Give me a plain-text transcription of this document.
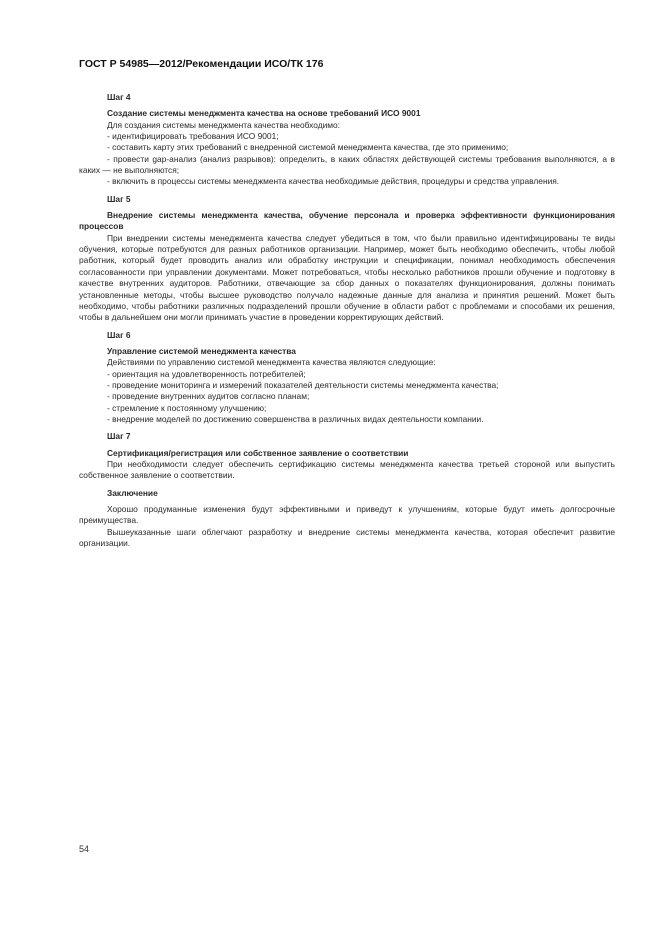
ГОСТ Р 54985—2012/Рекомендации ИСО/ТК 176
Шаг 4
Создание системы менеджмента качества на основе требований ИСО 9001

Для создания системы менеджмента качества необходимо:

- идентифицировать требования ИСО 9001;

- составить карту этих требований с внедренной системой менеджмента качества, где это применимо;

- провести gap-анализ (анализ разрывов): определить, в каких областях действующей системы требования выполняются, а в каких — не выполняются;

- включить в процессы системы менеджмента качества необходимые действия, процедуры и средства управления.

Шаг 5
Внедрение системы менеджмента качества, обучение персонала и проверка эффективности функционирования процессов

При внедрении системы менеджмента качества следует убедиться в том, что были правильно идентифицированы те виды обучения, которые потребуются для разных работников организации. Например, может быть необходимо обеспечить, чтобы любой работник, который будет проводить анализ или обработку инструкции и спецификации, понимал необходимость обеспечения согласованности при управлении документами. Может потребоваться, чтобы несколько работников прошли обучение и подготовку в качестве внутренних аудиторов. Работники, отвечающие за сбор данных о показателях функционирования, должны понимать установленные методы, чтобы высшее руководство получало надежные данные для анализа и принятия решений. Может быть необходимо, чтобы работники различных подразделений прошли обучение в области работ с проблемами и способами их решения, чтобы в дальнейшем они могли принимать участие в проведении корректирующих действий.

Шаг 6
Управление системой менеджмента качества

Действиями по управлению системой менеджмента качества являются следующие:

- ориентация на удовлетворенность потребителей;

- проведение мониторинга и измерений показателей деятельности системы менеджмента качества;

- проведение внутренних аудитов согласно планам;

- стремление к постоянному улучшению;

- внедрение моделей по достижению совершенства в различных видах деятельности компании.

Шаг 7
Сертификация/регистрация или собственное заявление о соответствии

При необходимости следует обеспечить сертификацию системы менеджмента качества третьей стороной или выпустить собственное заявление о соответствии.

Заключение

Хорошо продуманные изменения будут эффективными и приведут к улучшениям, которые будут иметь долгосрочные преимущества.

Вышеуказанные шаги облегчают разработку и внедрение системы менеджмента качества, которая обеспечит развитие организации.

54
